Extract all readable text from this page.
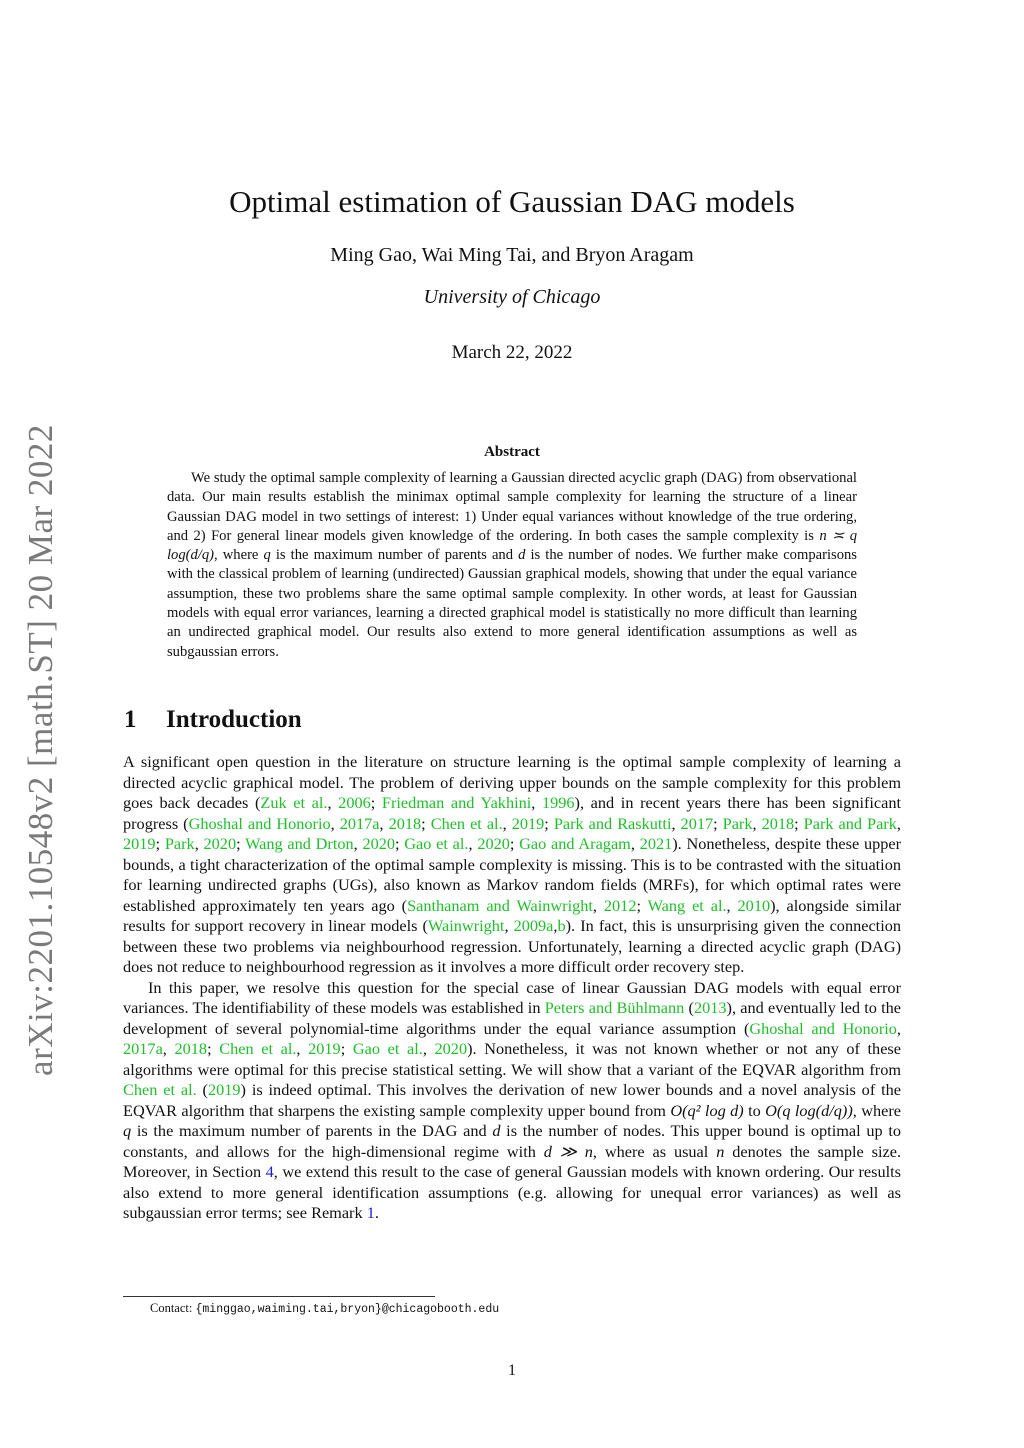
arXiv:2201.10548v2 [math.ST] 20 Mar 2022
Optimal estimation of Gaussian DAG models
Ming Gao, Wai Ming Tai, and Bryon Aragam
University of Chicago
March 22, 2022
Abstract
We study the optimal sample complexity of learning a Gaussian directed acyclic graph (DAG) from observational data. Our main results establish the minimax optimal sample complexity for learning the structure of a linear Gaussian DAG model in two settings of interest: 1) Under equal variances without knowledge of the true ordering, and 2) For general linear models given knowledge of the ordering. In both cases the sample complexity is n ≍ q log(d/q), where q is the maximum number of parents and d is the number of nodes. We further make comparisons with the classical problem of learning (undirected) Gaussian graphical models, showing that under the equal variance assumption, these two problems share the same optimal sample complexity. In other words, at least for Gaussian models with equal error variances, learning a directed graphical model is statistically no more difficult than learning an undirected graphical model. Our results also extend to more general identification assumptions as well as subgaussian errors.
1 Introduction

A significant open question in the literature on structure learning is the optimal sample complexity of learning a directed acyclic graphical model. The problem of deriving upper bounds on the sample complexity for this problem goes back decades (Zuk et al., 2006; Friedman and Yakhini, 1996), and in recent years there has been significant progress (Ghoshal and Honorio, 2017a, 2018; Chen et al., 2019; Park and Raskutti, 2017; Park, 2018; Park and Park, 2019; Park, 2020; Wang and Drton, 2020; Gao et al., 2020; Gao and Aragam, 2021). Nonetheless, despite these upper bounds, a tight characterization of the optimal sample complexity is missing. This is to be contrasted with the situation for learning undirected graphs (UGs), also known as Markov random fields (MRFs), for which optimal rates were established approximately ten years ago (Santhanam and Wainwright, 2012; Wang et al., 2010), alongside similar results for support recovery in linear models (Wainwright, 2009a,b). In fact, this is unsurprising given the connection between these two problems via neighbourhood regression. Unfortunately, learning a directed acyclic graph (DAG) does not reduce to neighbourhood regression as it involves a more difficult order recovery step.

In this paper, we resolve this question for the special case of linear Gaussian DAG models with equal error variances. The identifiability of these models was established in Peters and Bühlmann (2013), and eventually led to the development of several polynomial-time algorithms under the equal variance assumption (Ghoshal and Honorio, 2017a, 2018; Chen et al., 2019; Gao et al., 2020). Nonetheless, it was not known whether or not any of these algorithms were optimal for this precise statistical setting. We will show that a variant of the EQVAR algorithm from Chen et al. (2019) is indeed optimal. This involves the derivation of new lower bounds and a novel analysis of the EQVAR algorithm that sharpens the existing sample complexity upper bound from O(q² log d) to O(q log(d/q)), where q is the maximum number of parents in the DAG and d is the number of nodes. This upper bound is optimal up to constants, and allows for the high-dimensional regime with d ≫ n, where as usual n denotes the sample size. Moreover, in Section 4, we extend this result to the case of general Gaussian models with known ordering. Our results also extend to more general identification assumptions (e.g. allowing for unequal error variances) as well as subgaussian error terms; see Remark 1.

Contact: {minggao,waiming.tai,bryon}@chicagobooth.edu
1
